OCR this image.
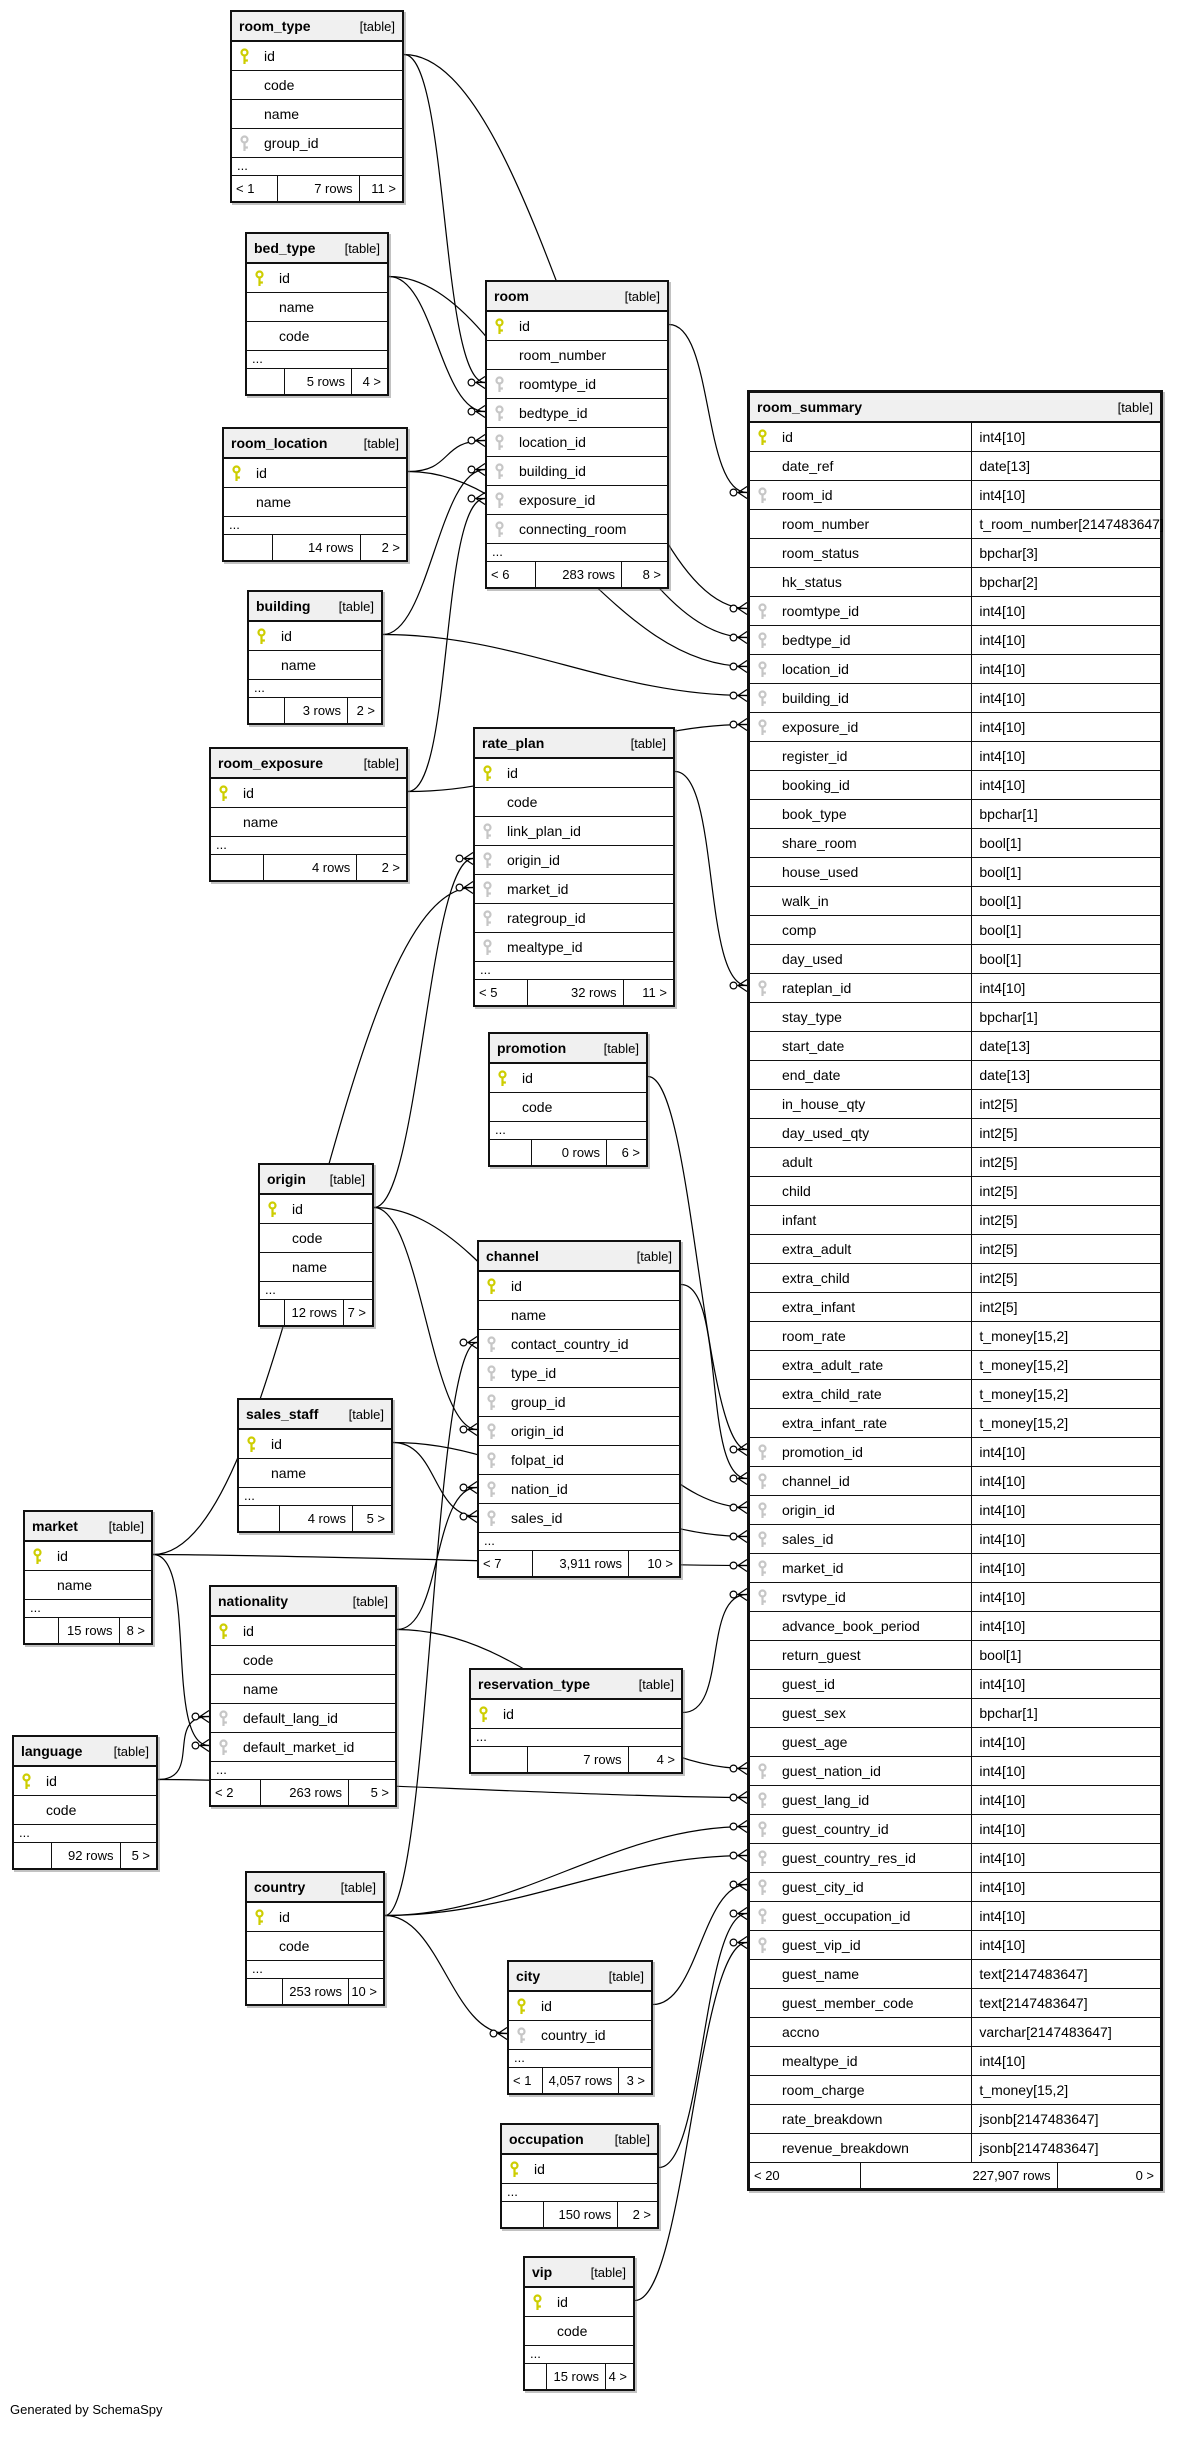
Generated by SchemaSpy
room_type	[table]
id
code
name
group_id
...
< 1	7 rows	11 >
bed_type [table]
id
name
code
...
5 rows	4 >
room_location	[table]
id
name
...
14 rows	2 >
building [table]
id
name
...
3 rows	2 >
room_exposure	[table]
id
name
...
4 rows	2 >
room	[table]
id
room_number
roomtype_id
bedtype_id
location_id
building_id
exposure_id
connecting_room
...
< 6	283 rows	8 >
rate_plan	[table]
id
code
link_plan_id
origin_id
market_id
rategroup_id
mealtype_id
...
< 5	32 rows	11 >
promotion	[table]
id
code
...
0 rows	6 >
origin [table]
id
code
name
...
12 rows 7 >
channel	[table]
id
name
contact_country_id
type_id
group_id
origin_id
folpat_id
nation_id
sales_id
...
< 7	3,911 rows	10 >
sales_staff [table]
id
name
...
4 rows	5 >
market [table]
id
name
...
15 rows	8 >
nationality	[table]
id
code
name
default_lang_id
default_market_id
...
< 2	263 rows	5 >
language [table]
id
code
...
92 rows	5 >
reservation_type	[table]
id
...
7 rows	4 >
country	[table]
id
code
...
253 rows 10 >
city	[table]
id
country_id
...
< 1	4,057 rows	3 >
occupation [table]
id
...
150 rows	2 >
vip	[table]
id
code
...
15 rows 4 >
room_summary	[table]
id	int4[10]
date_ref	date[13]
room_id	int4[10]
room_number	t_room_number[2147483647]
room_status	bpchar[3]
hk_status	bpchar[2]
roomtype_id	int4[10]
bedtype_id	int4[10]
location_id	int4[10]
building_id	int4[10]
exposure_id	int4[10]
register_id	int4[10]
booking_id	int4[10]
book_type	bpchar[1]
share_room	bool[1]
house_used	bool[1]
walk_in	bool[1]
comp	bool[1]
day_used	bool[1]
rateplan_id	int4[10]
stay_type	bpchar[1]
start_date	date[13]
end_date	date[13]
in_house_qty	int2[5]
day_used_qty	int2[5]
adult	int2[5]
child	int2[5]
infant	int2[5]
extra_adult	int2[5]
extra_child	int2[5]
extra_infant	int2[5]
room_rate	t_money[15,2]
extra_adult_rate	t_money[15,2]
extra_child_rate	t_money[15,2]
extra_infant_rate	t_money[15,2]
promotion_id	int4[10]
channel_id	int4[10]
origin_id	int4[10]
sales_id	int4[10]
market_id	int4[10]
rsvtype_id	int4[10]
advance_book_period	int4[10]
return_guest	bool[1]
guest_id	int4[10]
guest_sex	bpchar[1]
guest_age	int4[10]
guest_nation_id	int4[10]
guest_lang_id	int4[10]
guest_country_id	int4[10]
guest_country_res_id	int4[10]
guest_city_id	int4[10]
guest_occupation_id	int4[10]
guest_vip_id	int4[10]
guest_name	text[2147483647]
guest_member_code	text[2147483647]
accno	varchar[2147483647]
mealtype_id	int4[10]
room_charge	t_money[15,2]
rate_breakdown	jsonb[2147483647]
revenue_breakdown	jsonb[2147483647]
< 20	227,907 rows	0 >
